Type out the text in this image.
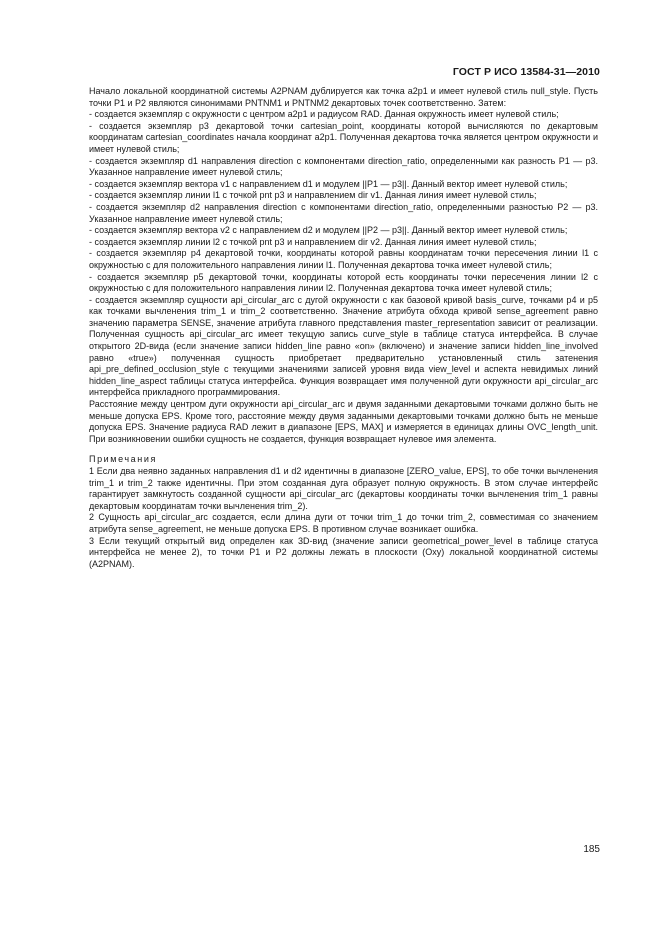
ГОСТ Р ИСО 13584-31—2010

Начало локальной координатной системы A2PNAM дублируется как точка a2p1 и имеет нулевой стиль null_style. Пусть точки P1 и P2 являются синонимами PNTNM1 и PNTNM2 декартовых точек соответственно. Затем:

- создается экземпляр c окружности с центром a2p1 и радиусом RAD. Данная окружность имеет нулевой стиль;

- создается экземпляр p3 декартовой точки cartesian_point, координаты которой вычисляются по декартовым координатам cartesian_coordinates начала координат a2p1. Полученная декартова точка является центром окружности и имеет нулевой стиль;

- создается экземпляр d1 направления direction с компонентами direction_ratio, определенными как разность P1 — p3. Указанное направление имеет нулевой стиль;

- создается экземпляр вектора v1 с направлением d1 и модулем ||P1 — p3||. Данный вектор имеет нулевой стиль;

- создается экземпляр линии l1 с точкой pnt p3 и направлением dir v1. Данная линия имеет нулевой стиль;

- создается экземпляр d2 направления direction с компонентами direction_ratio, определенными разностью P2 — p3. Указанное направление имеет нулевой стиль;

- создается экземпляр вектора v2 с направлением d2 и модулем ||P2 — p3||. Данный вектор имеет нулевой стиль;

- создается экземпляр линии l2 с точкой pnt p3 и направлением dir v2. Данная линия имеет нулевой стиль;

- создается экземпляр p4 декартовой точки, координаты которой равны координатам точки пересечения линии l1 с окружностью c для положительного направления линии l1. Полученная декартова точка имеет нулевой стиль;

- создается экземпляр p5 декартовой точки, координаты которой есть координаты точки пересечения линии l2 с окружностью c для положительного направления линии l2. Полученная декартова точка имеет нулевой стиль;

- создается экземпляр сущности api_circular_arc с дугой окружности c как базовой кривой basis_curve, точками p4 и p5 как точками вычленения trim_1 и trim_2 соответственно. Значение атрибута обхода кривой sense_agreement равно значению параметра SENSE, значение атрибута главного представления master_representation зависит от реализации. Полученная сущность api_circular_arc имеет текущую запись curve_style в таблице статуса интерфейса. В случае открытого 2D-вида (если значение записи hidden_line равно «on» (включено) и значение записи hidden_line_involved равно «true») полученная сущность приобретает предварительно установленный стиль затенения api_pre_defined_occlusion_style с текущими значениями записей уровня вида view_level и аспекта невидимых линий hidden_line_aspect таблицы статуса интерфейса. Функция возвращает имя полученной дуги окружности api_circular_arc интерфейса прикладного программирования.

Расстояние между центром дуги окружности api_circular_arc и двумя заданными декартовыми точками должно быть не меньше допуска EPS. Кроме того, расстояние между двумя заданными декартовыми точками должно быть не меньше допуска EPS. Значение радиуса RAD лежит в диапазоне [EPS, MAX] и измеряется в единицах длины OVC_length_unit. При возникновении ошибки сущность не создается, функция возвращает нулевое имя элемента.

Примечания

1 Если два неявно заданных направления d1 и d2 идентичны в диапазоне [ZERO_value, EPS], то обе точки вычленения trim_1 и trim_2 также идентичны. При этом созданная дуга образует полную окружность. В этом случае интерфейс гарантирует замкнутость созданной сущности api_circular_arc (декартовы координаты точки вычленения trim_1 равны декартовым координатам точки вычленения trim_2).

2 Сущность api_circular_arc создается, если длина дуги от точки trim_1 до точки trim_2, совместимая со значением атрибута sense_agreement, не меньше допуска EPS. В противном случае возникает ошибка.

3 Если текущий открытый вид определен как 3D-вид (значение записи geometrical_power_level в таблице статуса интерфейса не менее 2), то точки P1 и P2 должны лежать в плоскости (Oxy) локальной координатной системы (A2PNAM).

185
